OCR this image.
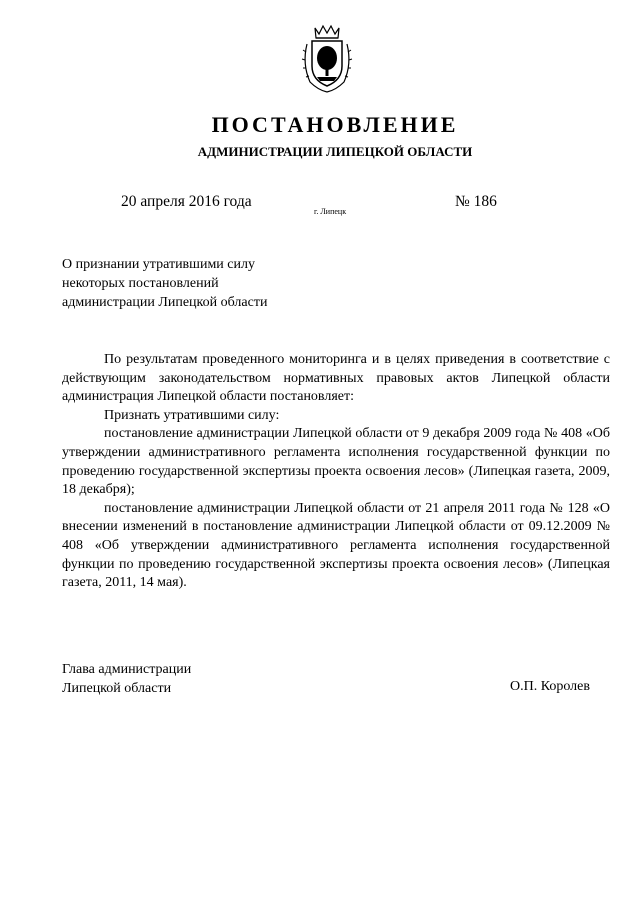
ПОСТАНОВЛЕНИЕ
АДМИНИСТРАЦИИ ЛИПЕЦКОЙ ОБЛАСТИ
20 апреля 2016 года
г. Липецк
№ 186
О признании утратившими силу
некоторых постановлений
администрации Липецкой области

По результатам проведенного мониторинга и в целях приведения в соответствие с действующим законодательством нормативных правовых актов Липецкой области администрация Липецкой области постановляет:

Признать утратившими силу:

постановление администрации Липецкой области от 9 декабря 2009 года № 408 «Об утверждении административного регламента исполнения государственной функции по проведению государственной экспертизы проекта освоения лесов» (Липецкая газета, 2009, 18 декабря);

постановление администрации Липецкой области от 21 апреля 2011 года № 128 «О внесении изменений в постановление администрации Липецкой области от 09.12.2009 № 408 «Об утверждении административного регламента исполнения государственной функции по проведению государственной экспертизы проекта освоения лесов» (Липецкая газета, 2011, 14 мая).

Глава администрации
Липецкой области	О.П. Королев
